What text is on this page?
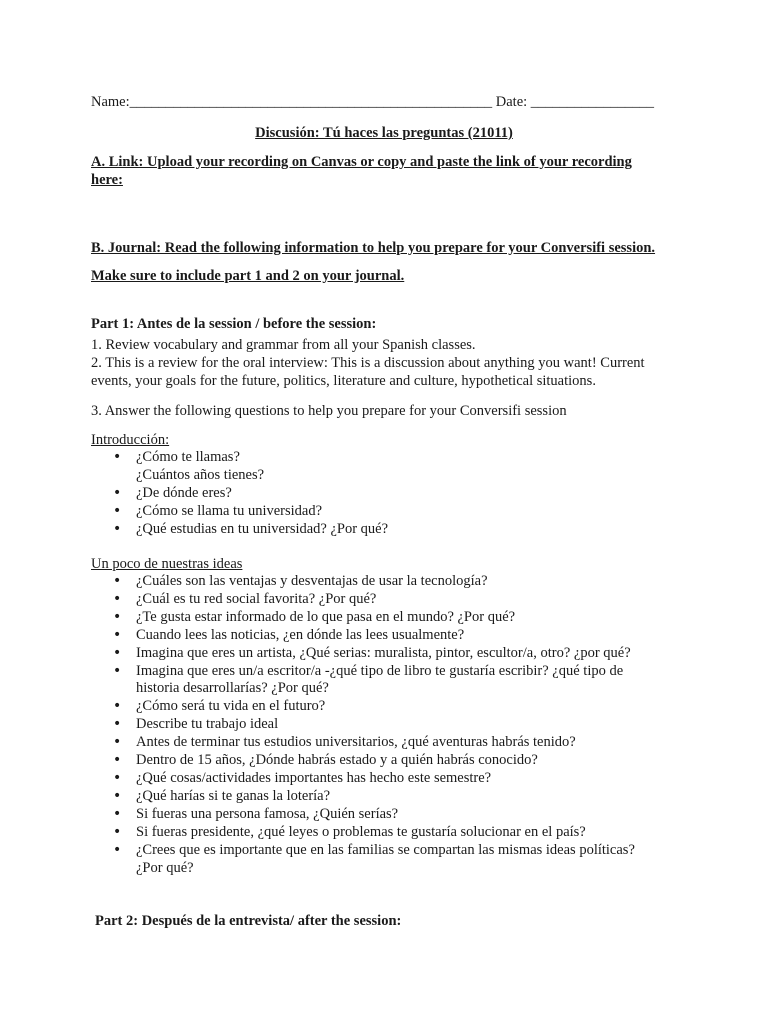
Name:__________________________________________________ Date: _________________
Discusión: Tú haces las preguntas (21011)
A. Link: Upload your recording on Canvas or copy and paste the link of your recording
here:
B. Journal: Read the following information to help you prepare for your Conversifi session.
Make sure to include part 1 and 2 on your journal.
Part 1: Antes de la session / before the session:
1. Review vocabulary and grammar from all your Spanish classes.
2. This is a review for the oral interview: This is a discussion about anything you want! Current
events, your goals for the future, politics, literature and culture, hypothetical situations.
3. Answer the following questions to help you prepare for your Conversifi session
Introducción:
• ¿Cómo te llamas?
¿Cuántos años tienes?
• ¿De dónde eres?
• ¿Cómo se llama tu universidad?
• ¿Qué estudias en tu universidad? ¿Por qué?
Un poco de nuestras ideas
• ¿Cuáles son las ventajas y desventajas de usar la tecnología?
• ¿Cuál es tu red social favorita? ¿Por qué?
• ¿Te gusta estar informado de lo que pasa en el mundo? ¿Por qué?
• Cuando lees las noticias, ¿en dónde las lees usualmente?
• Imagina que eres un artista, ¿Qué serias: muralista, pintor, escultor/a, otro? ¿por qué?
• Imagina que eres un/a escritor/a -¿qué tipo de libro te gustaría escribir? ¿qué tipo de
historia desarrollarías? ¿Por qué?
• ¿Cómo será tu vida en el futuro?
• Describe tu trabajo ideal
• Antes de terminar tus estudios universitarios, ¿qué aventuras habrás tenido?
• Dentro de 15 años, ¿Dónde habrás estado y a quién habrás conocido?
• ¿Qué cosas/actividades importantes has hecho este semestre?
• ¿Qué harías si te ganas la lotería?
• Si fueras una persona famosa, ¿Quién serías?
• Si fueras presidente, ¿qué leyes o problemas te gustaría solucionar en el país?
• ¿Crees que es importante que en las familias se compartan las mismas ideas políticas?
¿Por qué?
Part 2: Después de la entrevista/ after the session:
